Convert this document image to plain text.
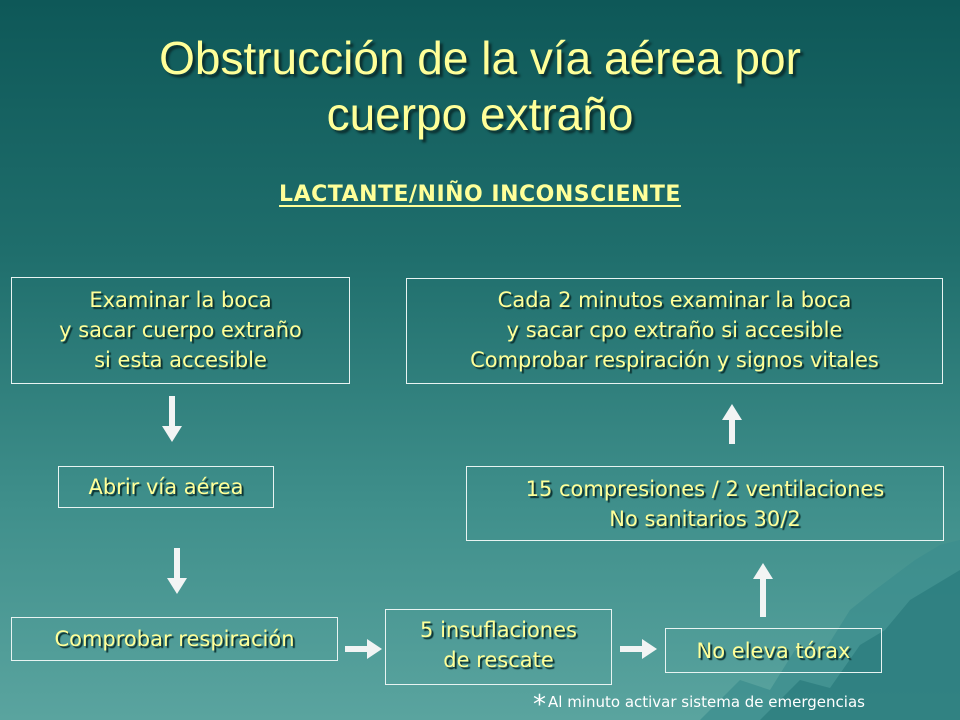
Obstrucción de la vía aérea por
cuerpo extraño
LACTANTE/NIÑO INCONSCIENTE
Examinar la boca
y sacar cuerpo extraño
si esta accesible
Abrir vía aérea
Comprobar respiración	5 insuflaciones
de rescate	No eleva tórax
15 compresiones / 2 ventilaciones
No sanitarios 30/2
Cada 2 minutos examinar la boca
y sacar cpo extraño si accesible
Comprobar respiración y signos vitales
* Al minuto activar sistema de emergencias
